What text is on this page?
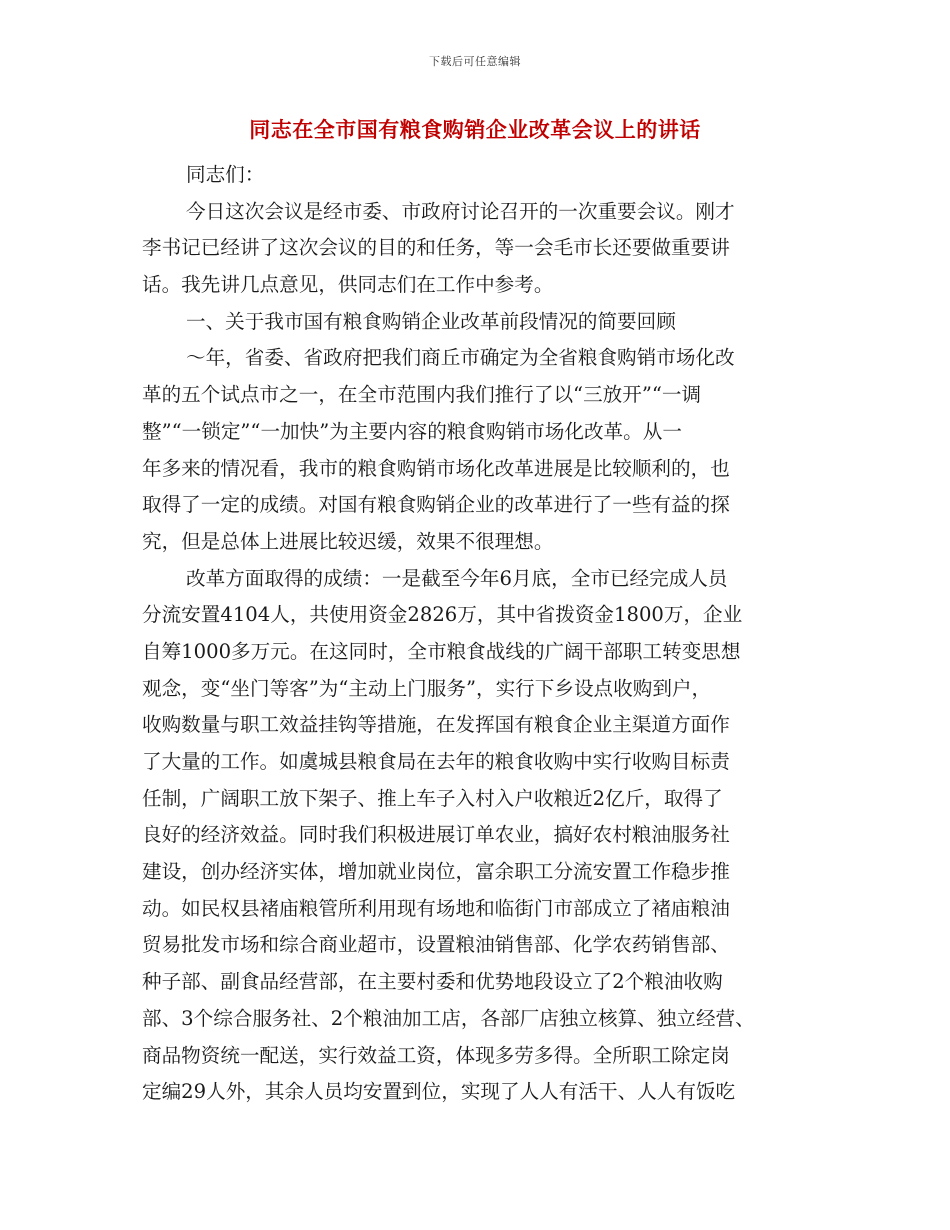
下载后可任意编辑
同志在全市国有粮食购销企业改革会议上的讲话
同志们：
今日这次会议是经市委、市政府讨论召开的一次重要会议。刚才
李书记已经讲了这次会议的目的和任务，等一会毛市长还要做重要讲
话。我先讲几点意见，供同志们在工作中参考。
一、关于我市国有粮食购销企业改革前段情况的简要回顾
～年，省委、省政府把我们商丘市确定为全省粮食购销市场化改
革的五个试点市之一，在全市范围内我们推行了以“三放开”“一调
整”“一锁定”“一加快”为主要内容的粮食购销市场化改革。从一
年多来的情况看，我市的粮食购销市场化改革进展是比较顺利的，也
取得了一定的成绩。对国有粮食购销企业的改革进行了一些有益的探
究，但是总体上进展比较迟缓，效果不很理想。
改革方面取得的成绩：一是截至今年6月底，全市已经完成人员
分流安置4104人，共使用资金2826万，其中省拨资金1800万，企业
自筹1000多万元。在这同时，全市粮食战线的广阔干部职工转变思想
观念，变“坐门等客”为“主动上门服务”，实行下乡设点收购到户，
收购数量与职工效益挂钩等措施，在发挥国有粮食企业主渠道方面作
了大量的工作。如虞城县粮食局在去年的粮食收购中实行收购目标责
任制，广阔职工放下架子、推上车子入村入户收粮近2亿斤，取得了
良好的经济效益。同时我们积极进展订单农业，搞好农村粮油服务社
建设，创办经济实体，增加就业岗位，富余职工分流安置工作稳步推
动。如民权县褚庙粮管所利用现有场地和临街门市部成立了褚庙粮油
贸易批发市场和综合商业超市，设置粮油销售部、化学农药销售部、
种子部、副食品经营部，在主要村委和优势地段设立了2个粮油收购
部、3个综合服务社、2个粮油加工店，各部厂店独立核算、独立经营、
商品物资统一配送，实行效益工资，体现多劳多得。全所职工除定岗
定编29人外，其余人员均安置到位，实现了人人有活干、人人有饭吃
